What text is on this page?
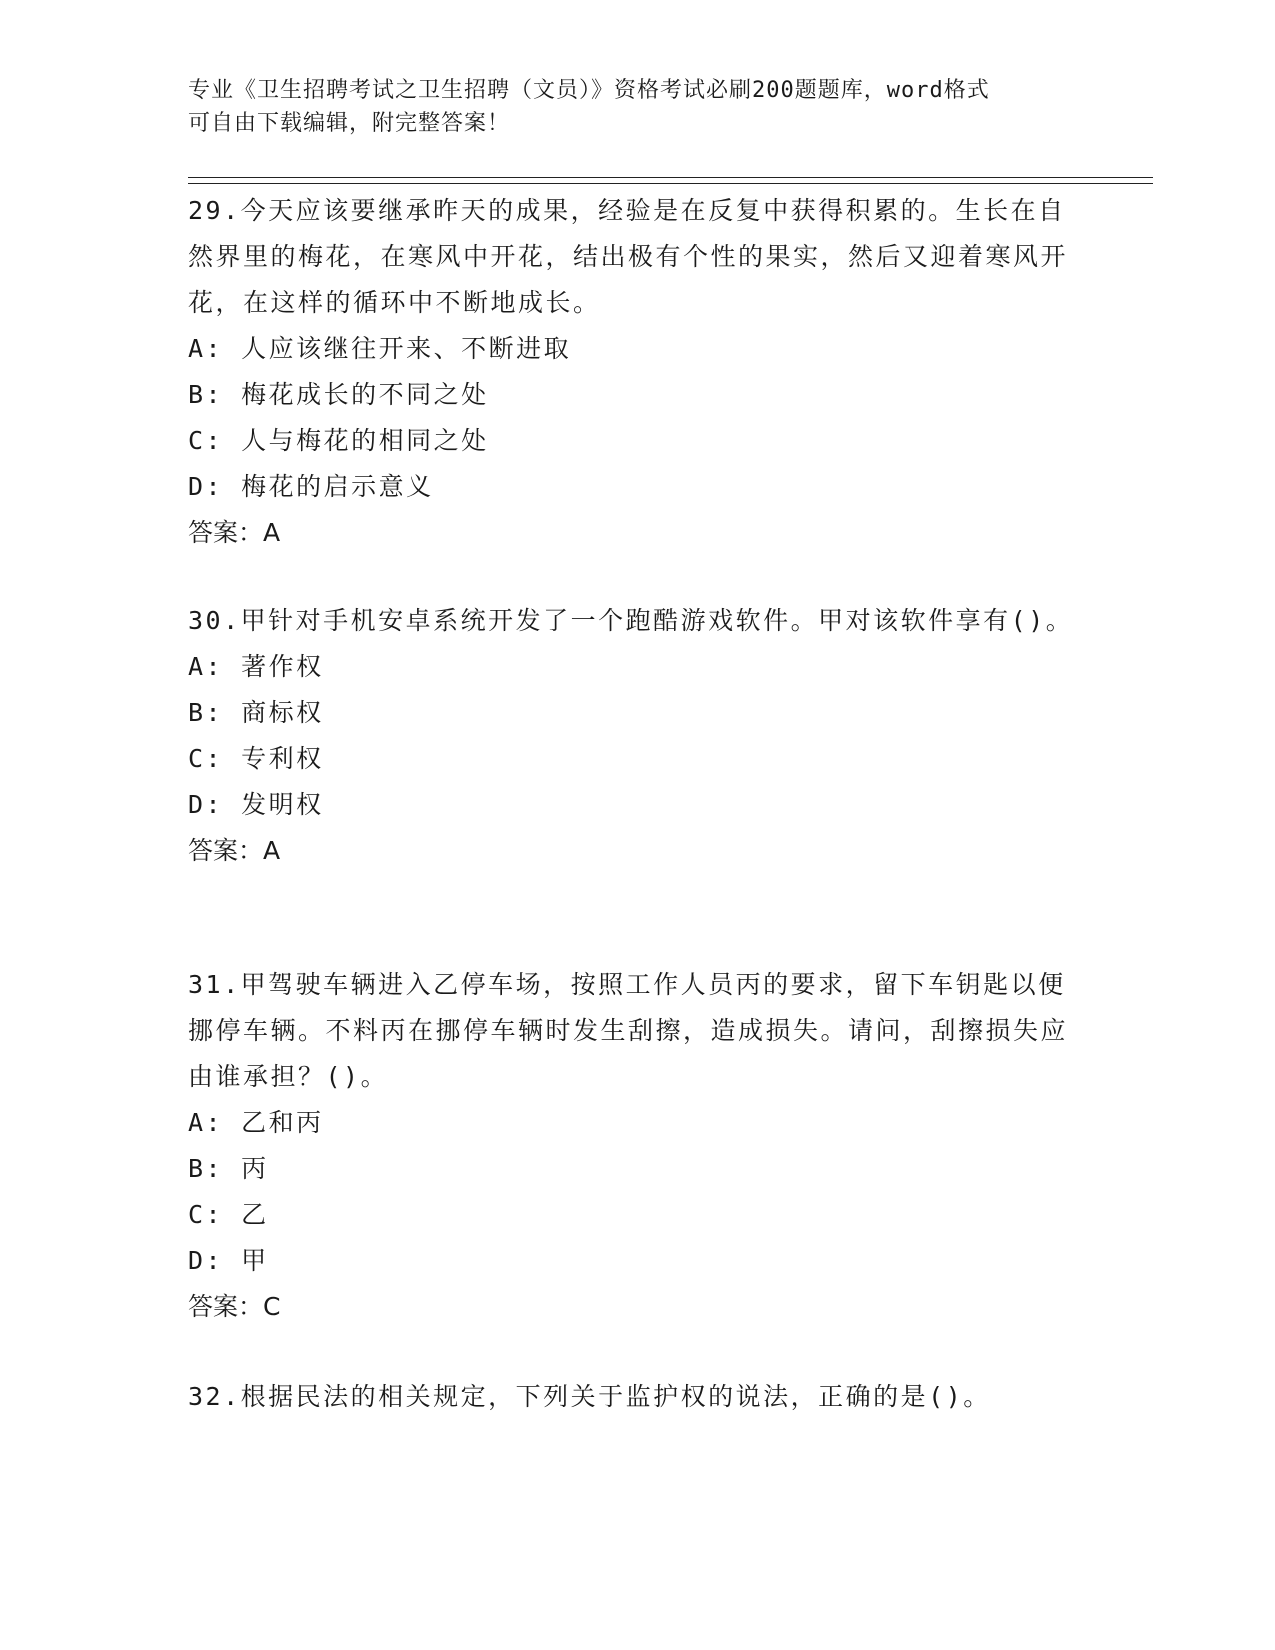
专业《卫生招聘考试之卫生招聘（文员）》资格考试必刷200题题库，word格式
可自由下载编辑，附完整答案！

29.今天应该要继承昨天的成果，经验是在反复中获得积累的。生长在自然界里的梅花，在寒风中开花，结出极有个性的果实，然后又迎着寒风开花，在这样的循环中不断地成长。

A: 人应该继往开来、不断进取

B: 梅花成长的不同之处

C: 人与梅花的相同之处

D: 梅花的启示意义

答案：A

30.甲针对手机安卓系统开发了一个跑酷游戏软件。甲对该软件享有()。

A: 著作权

B: 商标权

C: 专利权

D: 发明权

答案：A

31.甲驾驶车辆进入乙停车场，按照工作人员丙的要求，留下车钥匙以便挪停车辆。不料丙在挪停车辆时发生刮擦，造成损失。请问，刮擦损失应由谁承担？()。

A: 乙和丙

B: 丙

C: 乙

D: 甲

答案：C

32.根据民法的相关规定，下列关于监护权的说法，正确的是()。
